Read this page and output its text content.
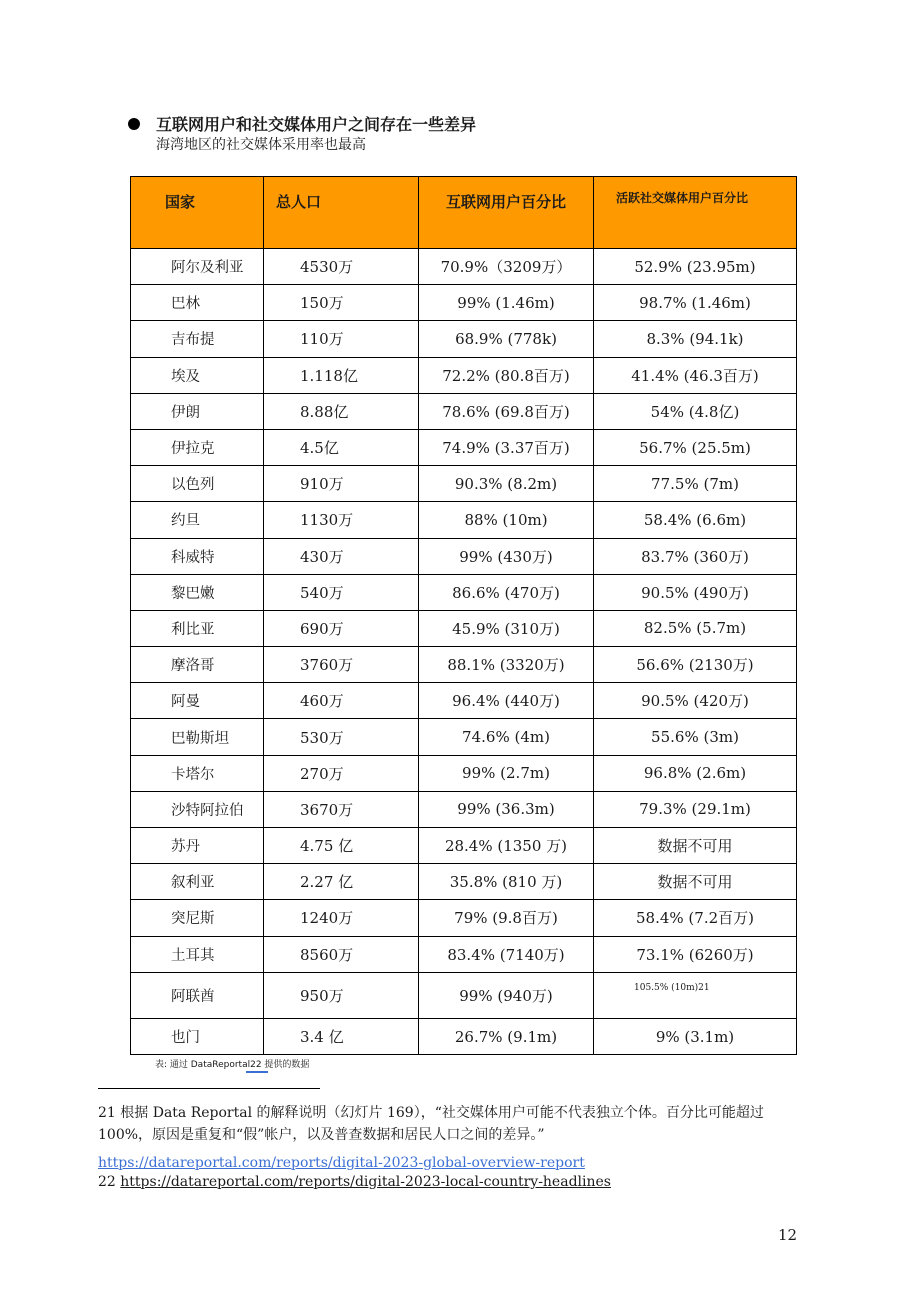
互联网用户和社交媒体用户之间存在一些差异
海湾地区的社交媒体采用率也最高
国家	总人口	互联网用户百分比	活跃社交媒体用户百分比
阿尔及利亚	4530万	70.9%（3209万）	52.9% (23.95m)
巴林	150万	99% (1.46m)	98.7% (1.46m)
吉布提	110万	68.9% (778k)	8.3% (94.1k)
埃及	1.118亿	72.2% (80.8百万)	41.4% (46.3百万)
伊朗	8.88亿	78.6% (69.8百万)	54% (4.8亿)
伊拉克	4.5亿	74.9% (3.37百万)	56.7% (25.5m)
以色列	910万	90.3% (8.2m)	77.5% (7m)
约旦	1130万	88% (10m)	58.4% (6.6m)
科威特	430万	99% (430万)	83.7% (360万)
黎巴嫩	540万	86.6% (470万)	90.5% (490万)
利比亚	690万	45.9% (310万)	82.5% (5.7m)
摩洛哥	3760万	88.1% (3320万)	56.6% (2130万)
阿曼	460万	96.4% (440万)	90.5% (420万)
巴勒斯坦	530万	74.6% (4m)	55.6% (3m)
卡塔尔	270万	99% (2.7m)	96.8% (2.6m)
沙特阿拉伯	3670万	99% (36.3m)	79.3% (29.1m)
苏丹	4.75 亿	28.4% (1350 万)	数据不可用
叙利亚	2.27 亿	35.8% (810 万)	数据不可用
突尼斯	1240万	79% (9.8百万)	58.4% (7.2百万)
土耳其	8560万	83.4% (7140万)	73.1% (6260万)
阿联酋	950万	99% (940万)	105.5% (10m)21
也门	3.4 亿	26.7% (9.1m)	9% (3.1m)
表: 通过 DataReportal22 提供的数据
21 根据 Data Reportal 的解释说明（幻灯片 169），“社交媒体用户可能不代表独立个体。百分比可能超过 100%，原因是重复和“假”帐户，以及普查数据和居民人口之间的差异。”
https://datareportal.com/reports/digital-2023-global-overview-report
22 https://datareportal.com/reports/digital-2023-local-country-headlines
12
